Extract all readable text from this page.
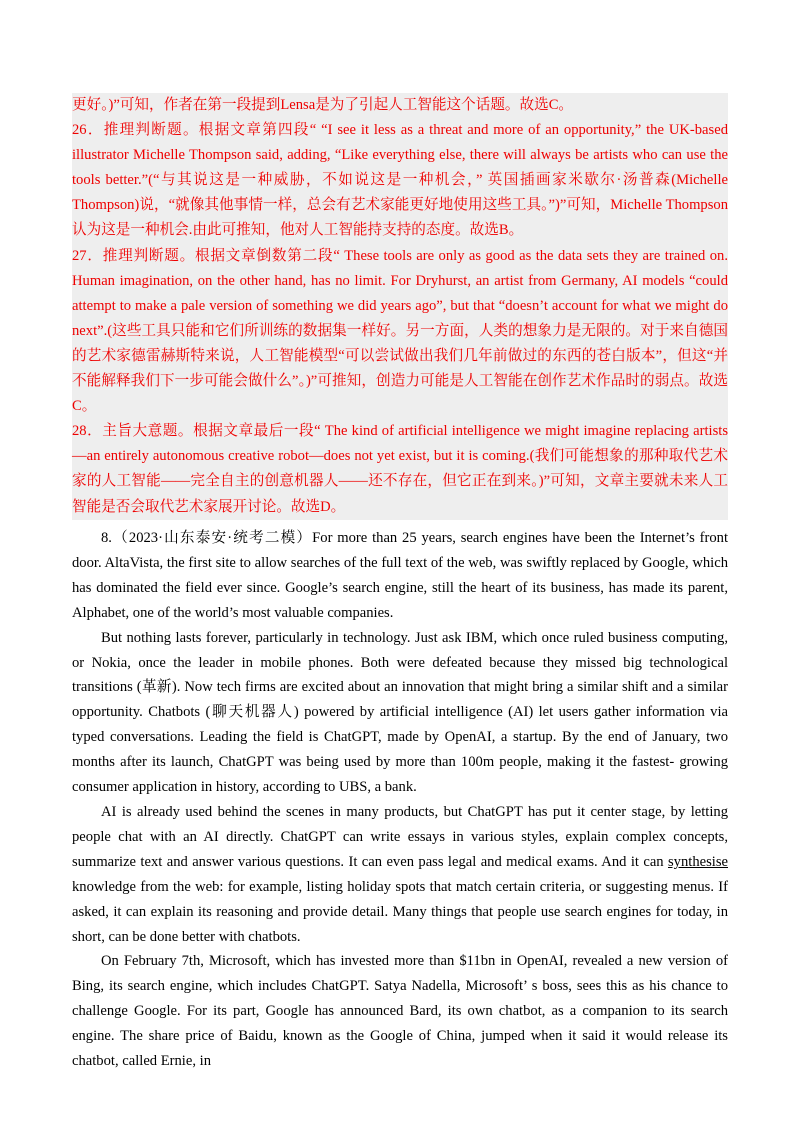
更好。)”可知，作者在第一段提到Lensa是为了引起人工智能这个话题。故选C。

26．推理判断题。根据文章第四段“ “I see it less as a threat and more of an opportunity,” the UK-based illustrator Michelle Thompson said, adding, “Like everything else, there will always be artists who can use the tools better.”(“与其说这是一种威胁，不如说这是一种机会，” 英国插画家米歇尔·汤普森(Michelle Thompson)说，“就像其他事情一样，总会有艺术家能更好地使用这些工具。”)”可知，Michelle Thompson认为这是一种机会.由此可推知，他对人工智能持支持的态度。故选B。

27．推理判断题。根据文章倒数第二段“ These tools are only as good as the data sets they are trained on. Human imagination, on the other hand, has no limit. For Dryhurst, an artist from Germany, AI models “could attempt to make a pale version of something we did years ago”, but that “doesn’t account for what we might do next”.(这些工具只能和它们所训练的数据集一样好。另一方面，人类的想象力是无限的。对于来自德国的艺术家德雷赫斯特来说，人工智能模型“可以尝试做出我们几年前做过的东西的苍白版本”，但这“并不能解释我们下一步可能会做什么”。)”可推知，创造力可能是人工智能在创作艺术作品时的弱点。故选C。

28．主旨大意题。根据文章最后一段“ The kind of artificial intelligence we might imagine replacing artists—an entirely autonomous creative robot—does not yet exist, but it is coming.(我们可能想象的那种取代艺术家的人工智能——完全自主的创意机器人——还不存在，但它正在到来。)”可知，文章主要就未来人工智能是否会取代艺术家展开讨论。故选D。

8.（2023·山东泰安·统考二模）For more than 25 years, search engines have been the Internet’s front door. AltaVista, the first site to allow searches of the full text of the web, was swiftly replaced by Google, which has dominated the field ever since. Google’s search engine, still the heart of its business, has made its parent, Alphabet, one of the world’s most valuable companies.

But nothing lasts forever, particularly in technology. Just ask IBM, which once ruled business computing, or Nokia, once the leader in mobile phones. Both were defeated because they missed big technological transitions (革新). Now tech firms are excited about an innovation that might bring a similar shift and a similar opportunity. Chatbots (聊天机器人) powered by artificial intelligence (AI) let users gather information via typed conversations. Leading the field is ChatGPT, made by OpenAI, a startup. By the end of January, two months after its launch, ChatGPT was being used by more than 100m people, making it the fastest- growing consumer application in history, according to UBS, a bank.

AI is already used behind the scenes in many products, but ChatGPT has put it center stage, by letting people chat with an AI directly. ChatGPT can write essays in various styles, explain complex concepts, summarize text and answer various questions. It can even pass legal and medical exams. And it can synthesise knowledge from the web: for example, listing holiday spots that match certain criteria, or suggesting menus. If asked, it can explain its reasoning and provide detail. Many things that people use search engines for today, in short, can be done better with chatbots.

On February 7th, Microsoft, which has invested more than $11bn in OpenAI, revealed a new version of Bing, its search engine, which includes ChatGPT. Satya Nadella, Microsoft’ s boss, sees this as his chance to challenge Google. For its part, Google has announced Bard, its own chatbot, as a companion to its search engine. The share price of Baidu, known as the Google of China, jumped when it said it would release its chatbot, called Ernie, in
